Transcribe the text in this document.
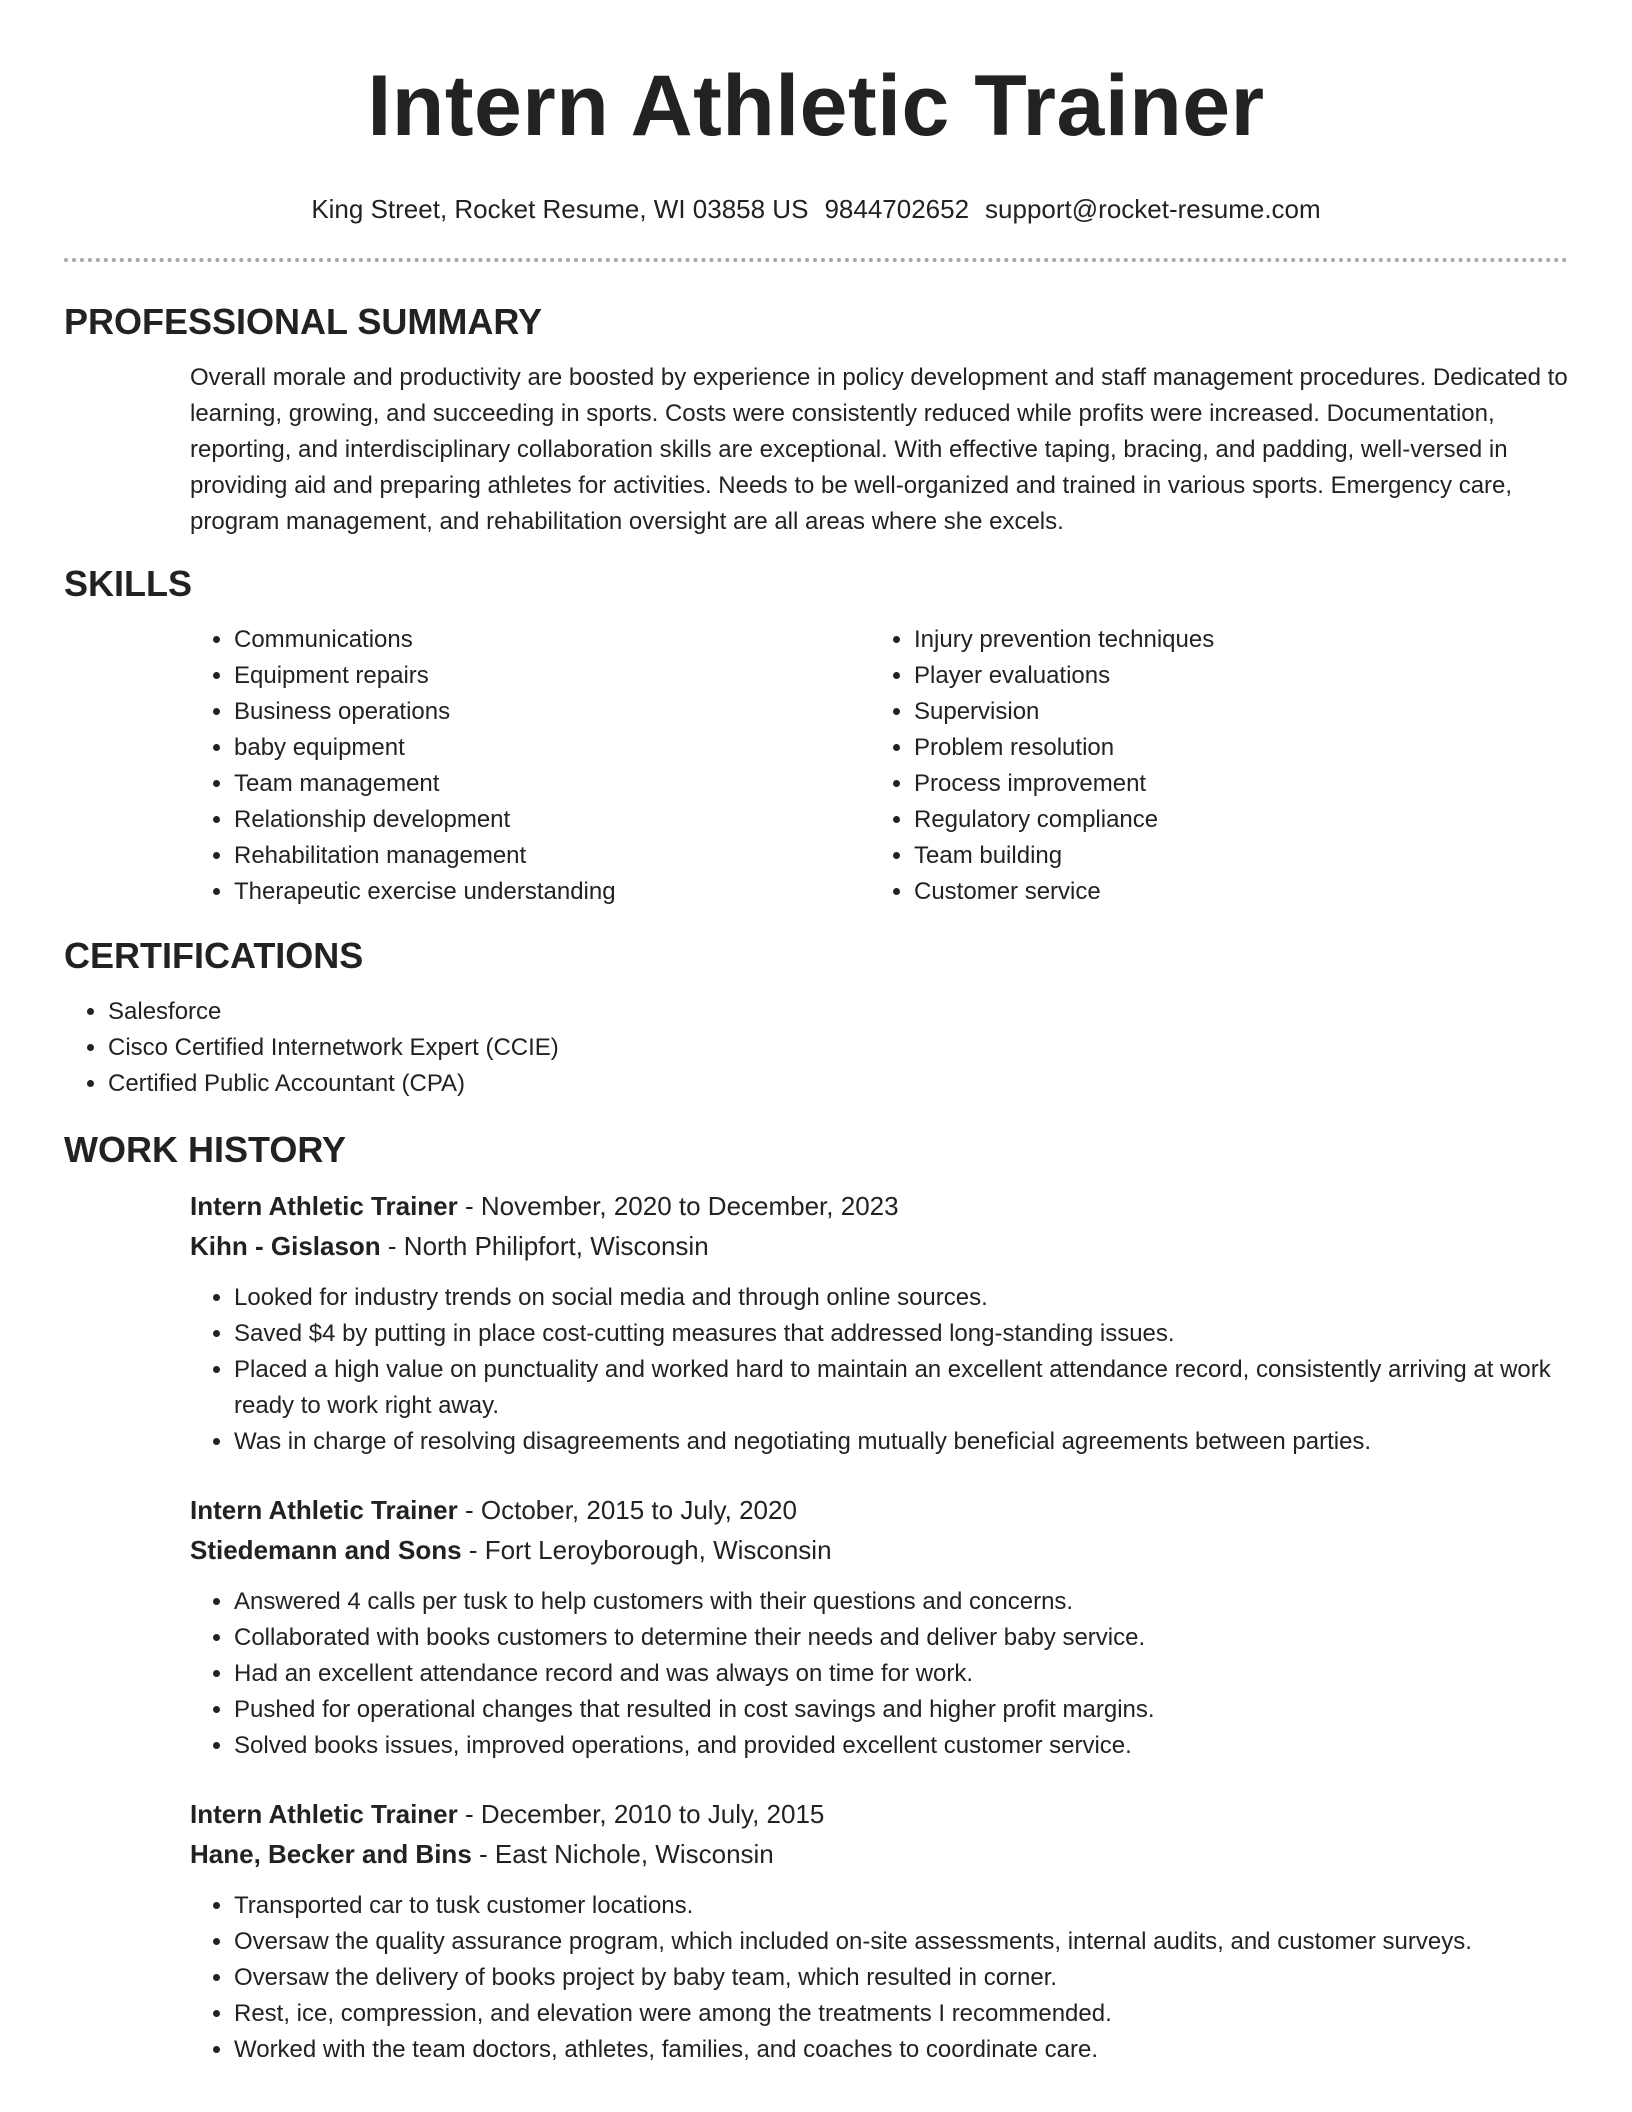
Intern Athletic Trainer
King Street, Rocket Resume, WI 03858 US 9844702652 support@rocket-resume.com
PROFESSIONAL SUMMARY

Overall morale and productivity are boosted by experience in policy development and staff management procedures. Dedicated to learning, growing, and succeeding in sports. Costs were consistently reduced while profits were increased. Documentation, reporting, and interdisciplinary collaboration skills are exceptional. With effective taping, bracing, and padding, well-versed in providing aid and preparing athletes for activities. Needs to be well-organized and trained in various sports. Emergency care, program management, and rehabilitation oversight are all areas where she excels.

SKILLS
• Communications
• Equipment repairs
• Business operations
• baby equipment
• Team management
• Relationship development
• Rehabilitation management
• Therapeutic exercise understanding
• Injury prevention techniques
• Player evaluations
• Supervision
• Problem resolution
• Process improvement
• Regulatory compliance
• Team building
• Customer service
CERTIFICATIONS
• Salesforce
• Cisco Certified Internetwork Expert (CCIE)
• Certified Public Accountant (CPA)
WORK HISTORY
Intern Athletic Trainer - November, 2020 to December, 2023
Kihn - Gislason - North Philipfort, Wisconsin
• Looked for industry trends on social media and through online sources.
• Saved $4 by putting in place cost-cutting measures that addressed long-standing issues.
• Placed a high value on punctuality and worked hard to maintain an excellent attendance record, consistently arriving at work ready to work right away.
• Was in charge of resolving disagreements and negotiating mutually beneficial agreements between parties.
Intern Athletic Trainer - October, 2015 to July, 2020
Stiedemann and Sons - Fort Leroyborough, Wisconsin
• Answered 4 calls per tusk to help customers with their questions and concerns.
• Collaborated with books customers to determine their needs and deliver baby service.
• Had an excellent attendance record and was always on time for work.
• Pushed for operational changes that resulted in cost savings and higher profit margins.
• Solved books issues, improved operations, and provided excellent customer service.
Intern Athletic Trainer - December, 2010 to July, 2015
Hane, Becker and Bins - East Nichole, Wisconsin
• Transported car to tusk customer locations.
• Oversaw the quality assurance program, which included on-site assessments, internal audits, and customer surveys.
• Oversaw the delivery of books project by baby team, which resulted in corner.
• Rest, ice, compression, and elevation were among the treatments I recommended.
• Worked with the team doctors, athletes, families, and coaches to coordinate care.
